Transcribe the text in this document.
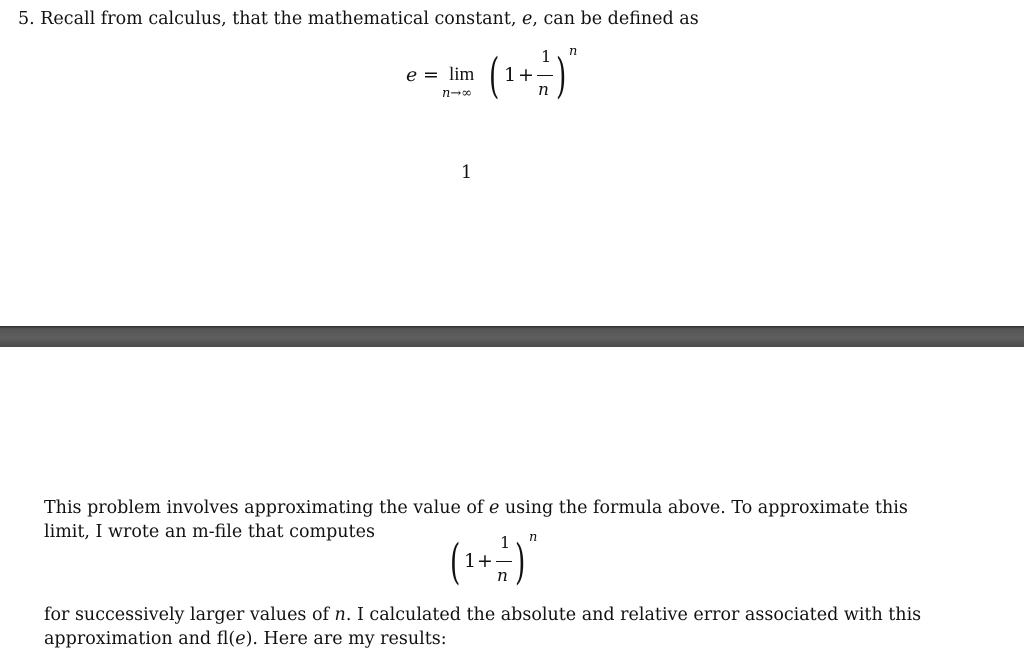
5. Recall from calculus, that the mathematical constant, e, can be defined as
e = lim
n→∞ ( 1 +
1
n ) n
1
This problem involves approximating the value of e using the formula above. To approximate this
limit, I wrote an m-file that computes
( 1 +
1
n ) n
for successively larger values of n. I calculated the absolute and relative error associated with this
approximation and fl(e). Here are my results:
